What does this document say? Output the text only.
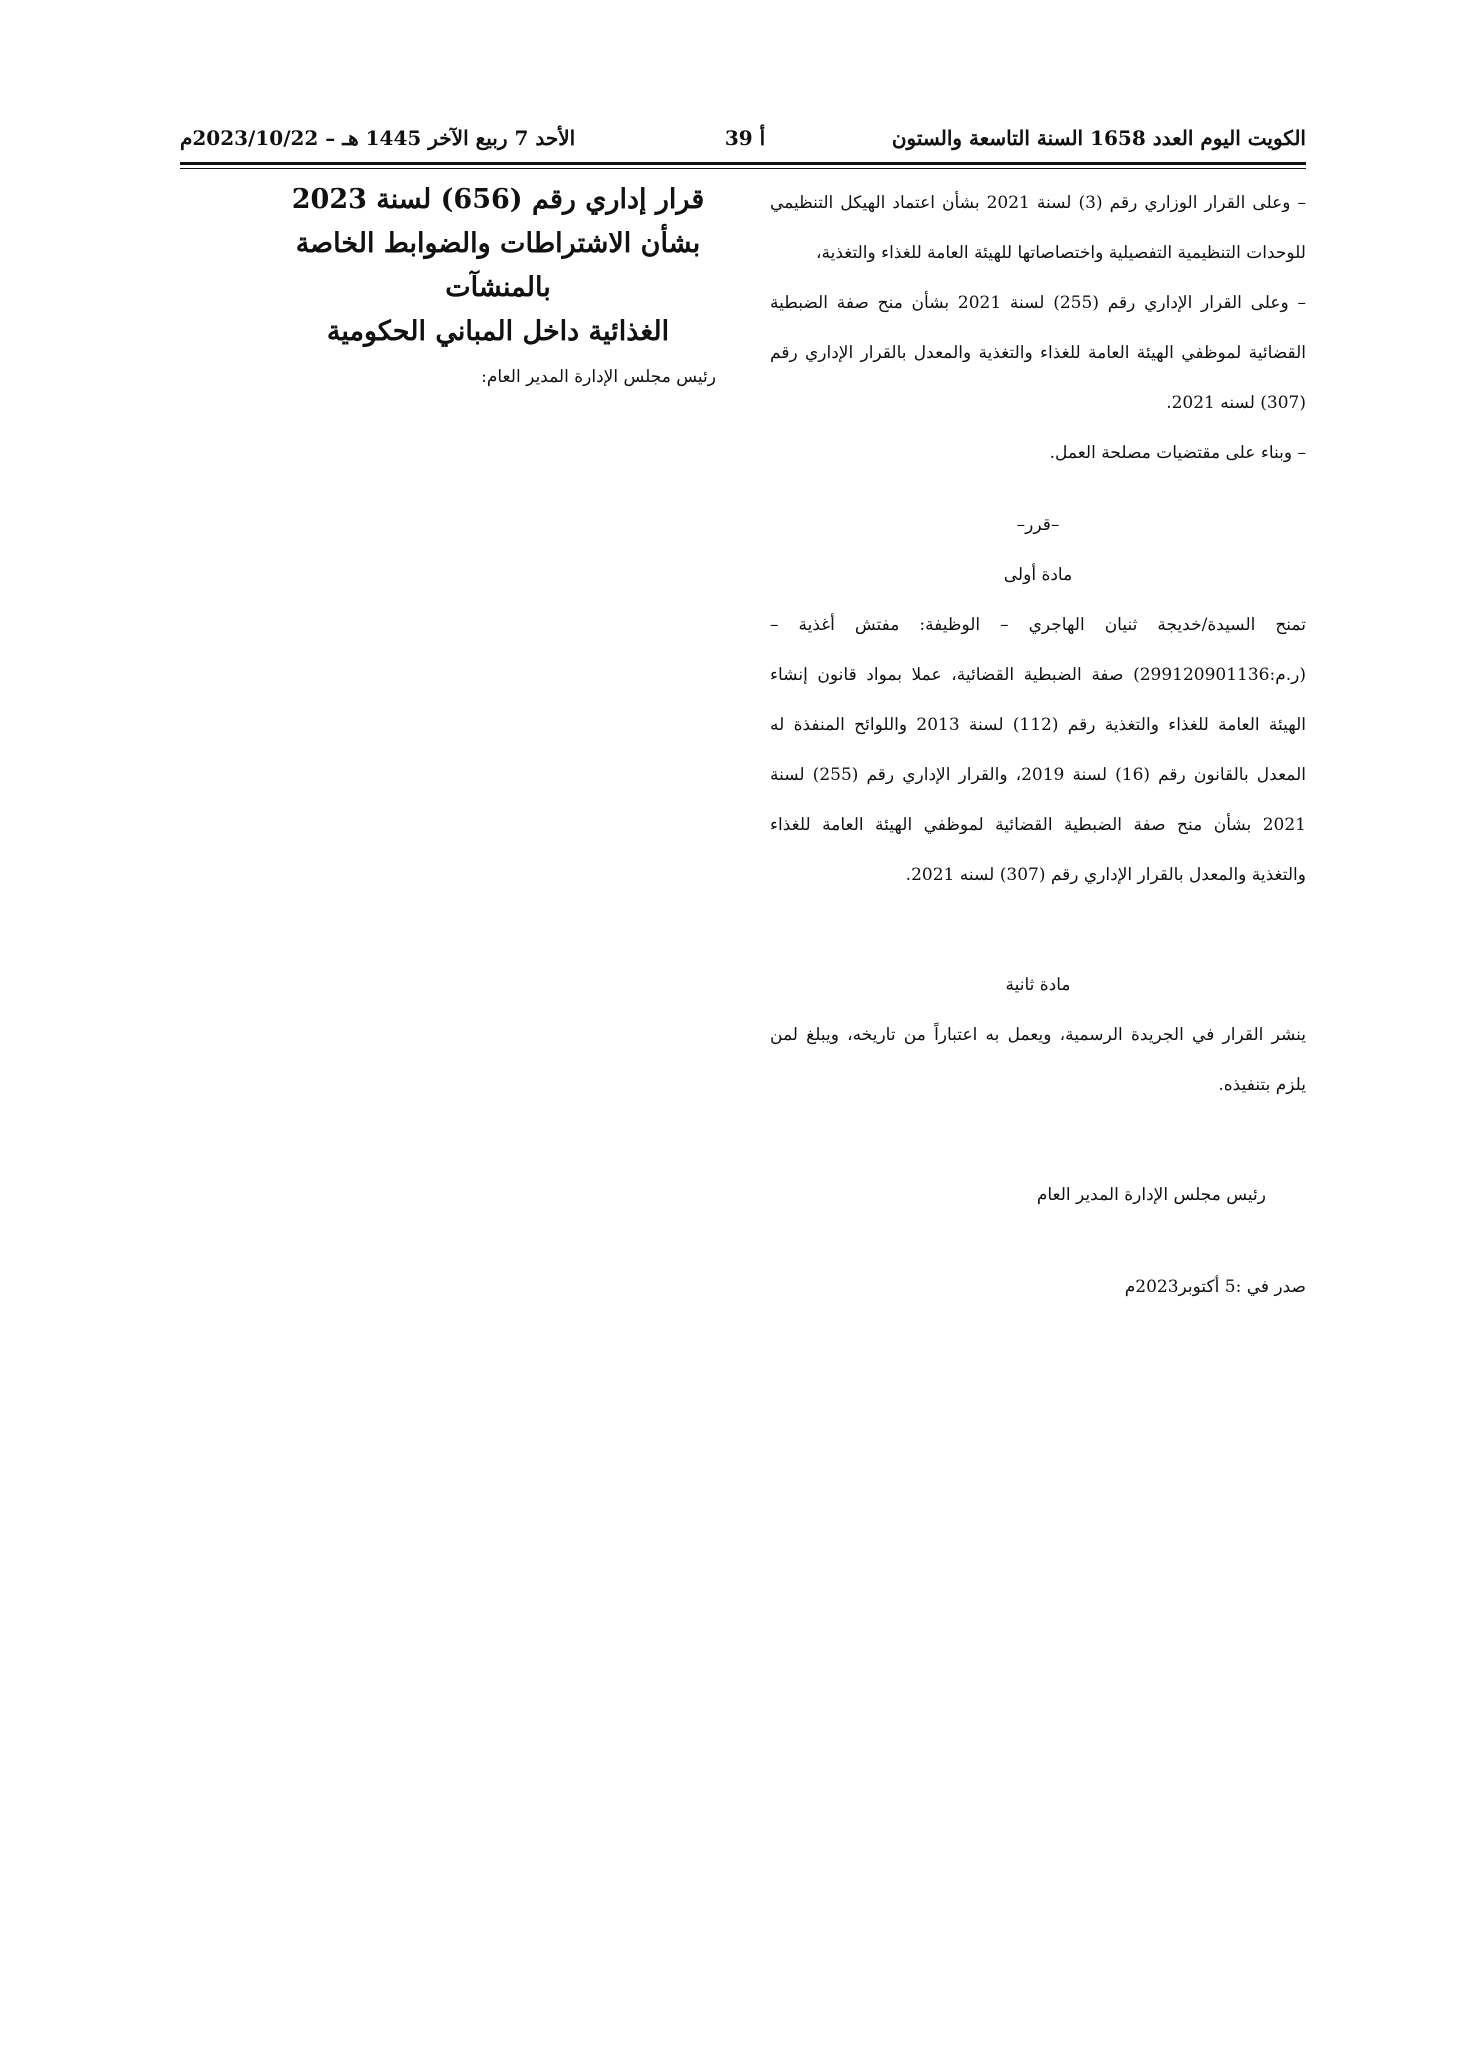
الكويت اليوم العدد 1658 السنة التاسعة والستون
أ 39
الأحد 7 ربيع الآخر 1445 هـ – 2023/10/22م

– وعلى القرار الوزاري رقم (3) لسنة 2021 بشأن اعتماد الهيكل التنظيمي للوحدات التنظيمية التفصيلية واختصاصاتها للهيئة العامة للغذاء والتغذية،

– وعلى القرار الإداري رقم (255) لسنة 2021 بشأن منح صفة الضبطية القضائية لموظفي الهيئة العامة للغذاء والتغذية والمعدل بالقرار الإداري رقم (307) لسنه 2021.

– وبناء على مقتضيات مصلحة العمل.

–قرر–

مادة أولى

تمنح السيدة/خديجة ثنيان الهاجري – الوظيفة: مفتش أغذية – (ر.م:299120901136) صفة الضبطية القضائية، عملا بمواد قانون إنشاء الهيئة العامة للغذاء والتغذية رقم (112) لسنة 2013 واللوائح المنفذة له المعدل بالقانون رقم (16) لسنة 2019، والقرار الإداري رقم (255) لسنة 2021 بشأن منح صفة الضبطية القضائية لموظفي الهيئة العامة للغذاء والتغذية والمعدل بالقرار الإداري رقم (307) لسنه 2021.

مادة ثانية

ينشر القرار في الجريدة الرسمية، ويعمل به اعتباراً من تاريخه، ويبلغ لمن يلزم بتنفيذه.

رئيس مجلس الإدارة المدير العام

صدر في :5 أكتوبر2023م

قرار إداري رقم (656) لسنة 2023

بشأن الاشتراطات والضوابط الخاصة بالمنشآت

الغذائية داخل المباني الحكومية

رئيس مجلس الإدارة المدير العام:
